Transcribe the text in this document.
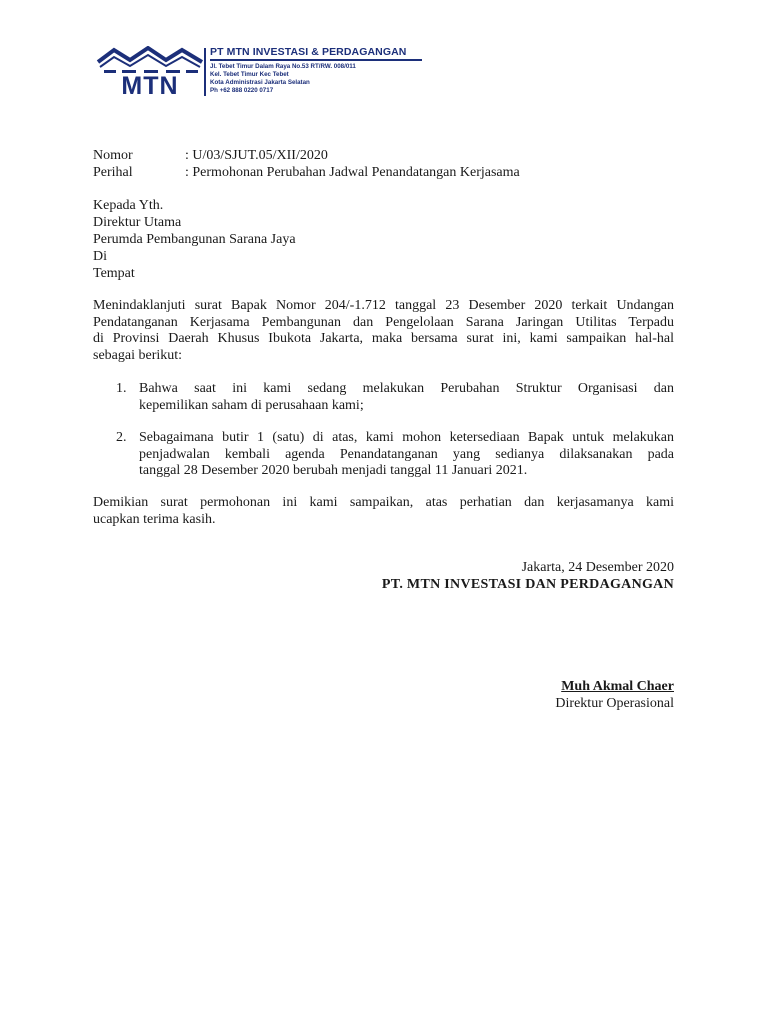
MTN
PT MTN INVESTASI & PERDAGANGAN
Jl. Tebet Timur Dalam Raya No.53 RT/RW. 008/011
Kel. Tebet Timur Kec Tebet
Kota Administrasi Jakarta Selatan
Ph +62 888 0220 0717
Nomor	: U/03/SJUT.05/XII/2020
Perihal	: Permohonan Perubahan Jadwal Penandatangan Kerjasama
Kepada Yth.
Direktur Utama
Perumda Pembangunan Sarana Jaya
Di
Tempat
Menindaklanjuti surat Bapak Nomor 204/-1.712 tanggal 23 Desember 2020 terkait Undangan
Pendatanganan Kerjasama Pembangunan dan Pengelolaan Sarana Jaringan Utilitas Terpadu
di Provinsi Daerah Khusus Ibukota Jakarta, maka bersama surat ini, kami sampaikan hal-hal
sebagai berikut:
1. Bahwa saat ini kami sedang melakukan Perubahan Struktur Organisasi dan
kepemilikan saham di perusahaan kami;
2. Sebagaimana butir 1 (satu) di atas, kami mohon ketersediaan Bapak untuk melakukan
penjadwalan kembali agenda Penandatanganan yang sedianya dilaksanakan pada
tanggal 28 Desember 2020 berubah menjadi tanggal 11 Januari 2021.
Demikian surat permohonan ini kami sampaikan, atas perhatian dan kerjasamanya kami
ucapkan terima kasih.
Jakarta, 24 Desember 2020
PT. MTN INVESTASI DAN PERDAGANGAN
Muh Akmal Chaer
Direktur Operasional
